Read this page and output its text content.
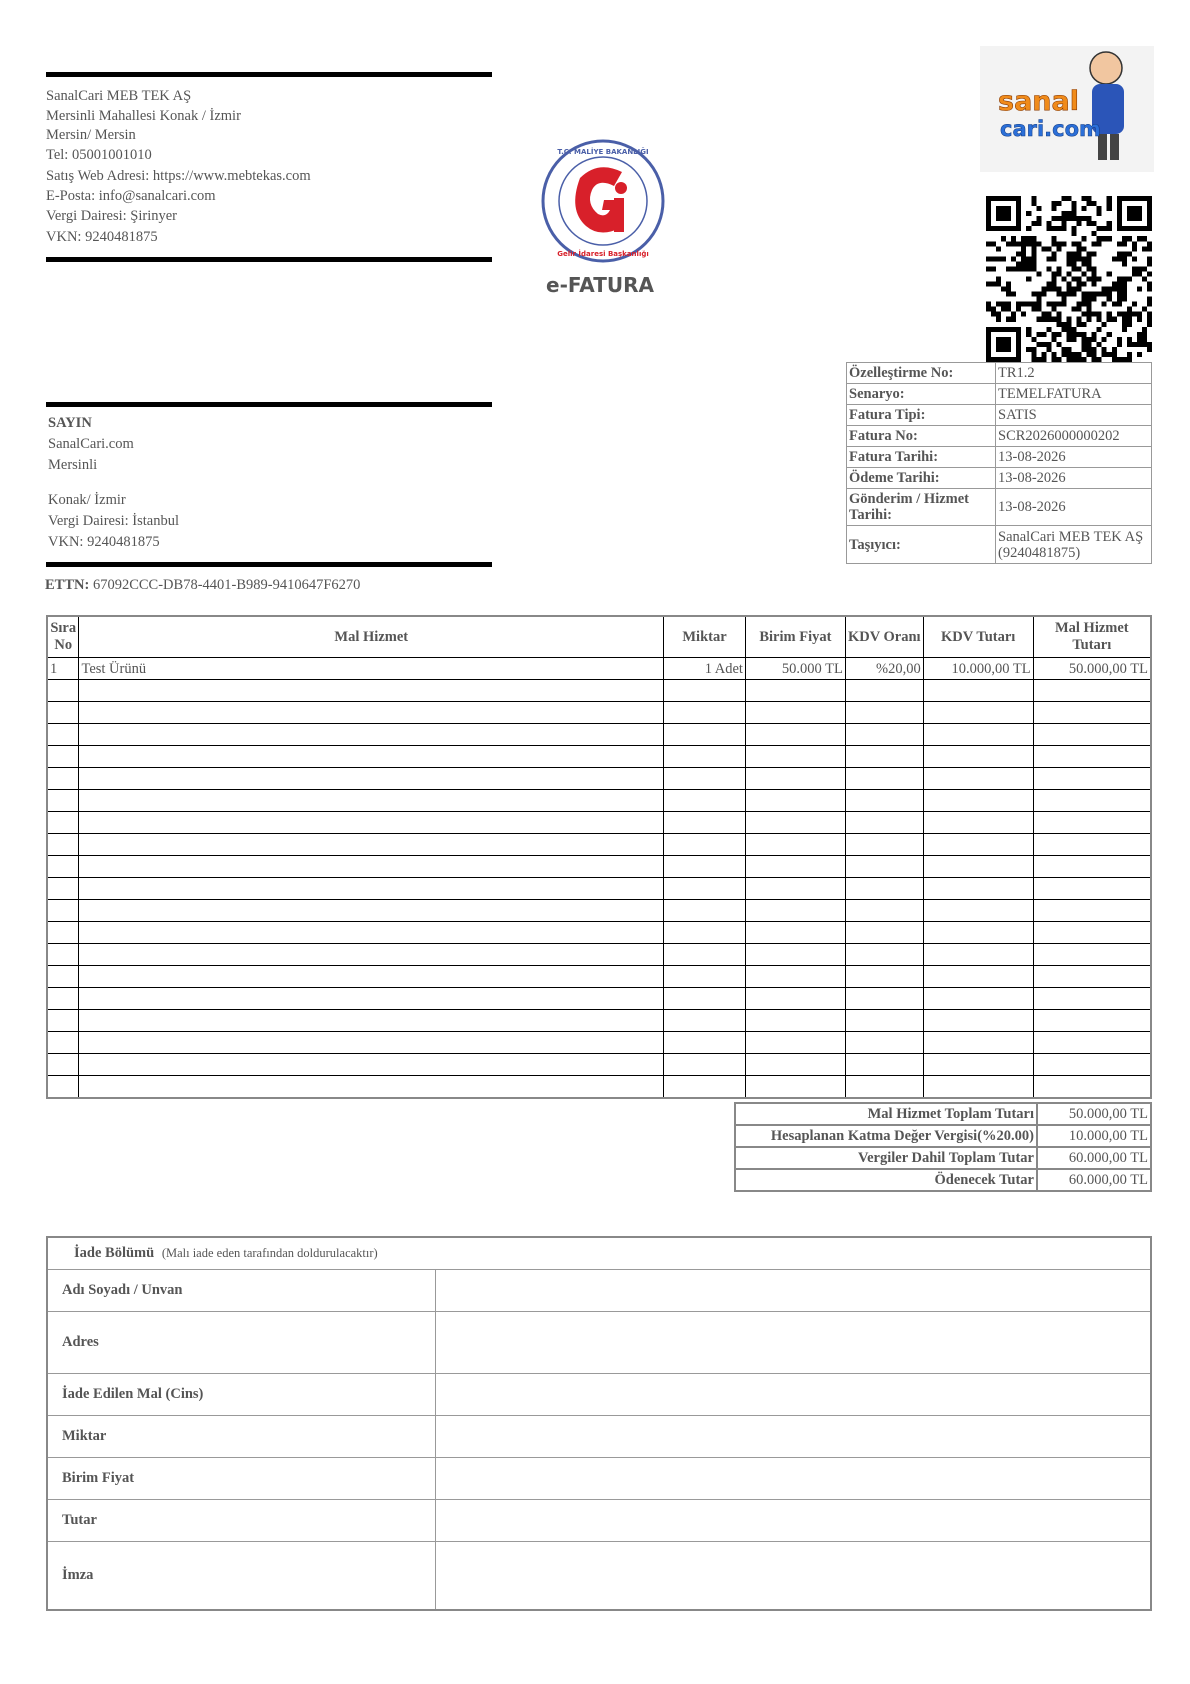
SanalCari MEB TEK AŞ
Mersinli Mahallesi Konak / İzmir
Mersin/ Mersin
Tel: 05001001010
Satış Web Adresi: https://www.mebtekas.com
E-Posta: info@sanalcari.com
Vergi Dairesi: Şirinyer
VKN: 9240481875
T.C. MALİYE BAKANLIĞI
Gelir İdaresi Başkanlığı
e-FATURA
sanal
cari.com
Özelleştirme No:	TR1.2
Senaryo:	TEMELFATURA
Fatura Tipi:	SATIS
Fatura No:	SCR2026000000202
Fatura Tarihi:	13-08-2026
Ödeme Tarihi:	13-08-2026
Gönderim / Hizmet Tarihi:	13-08-2026
Taşıyıcı:	SanalCari MEB TEK AŞ (9240481875)
SAYIN
SanalCari.com
Mersinli
Konak/ İzmir
Vergi Dairesi: İstanbul
VKN: 9240481875
ETTN: 67092CCC-DB78-4401-B989-9410647F6270
Sıra No	Mal Hizmet	Miktar	Birim Fiyat	KDV Oranı	KDV Tutarı	Mal Hizmet Tutarı
1	Test Ürünü	1 Adet	50.000 TL	%20,00	10.000,00 TL	50.000,00 TL

Mal Hizmet Toplam Tutarı	50.000,00 TL
Hesaplanan Katma Değer Vergisi(%20.00)	10.000,00 TL
Vergiler Dahil Toplam Tutar	60.000,00 TL
Ödenecek Tutar	60.000,00 TL
İade Bölümü (Malı iade eden tarafından doldurulacaktır)	
Adı Soyadı / Unvan	
Adres	
İade Edilen Mal (Cins)	
Miktar	
Birim Fiyat	
Tutar	
İmza	
